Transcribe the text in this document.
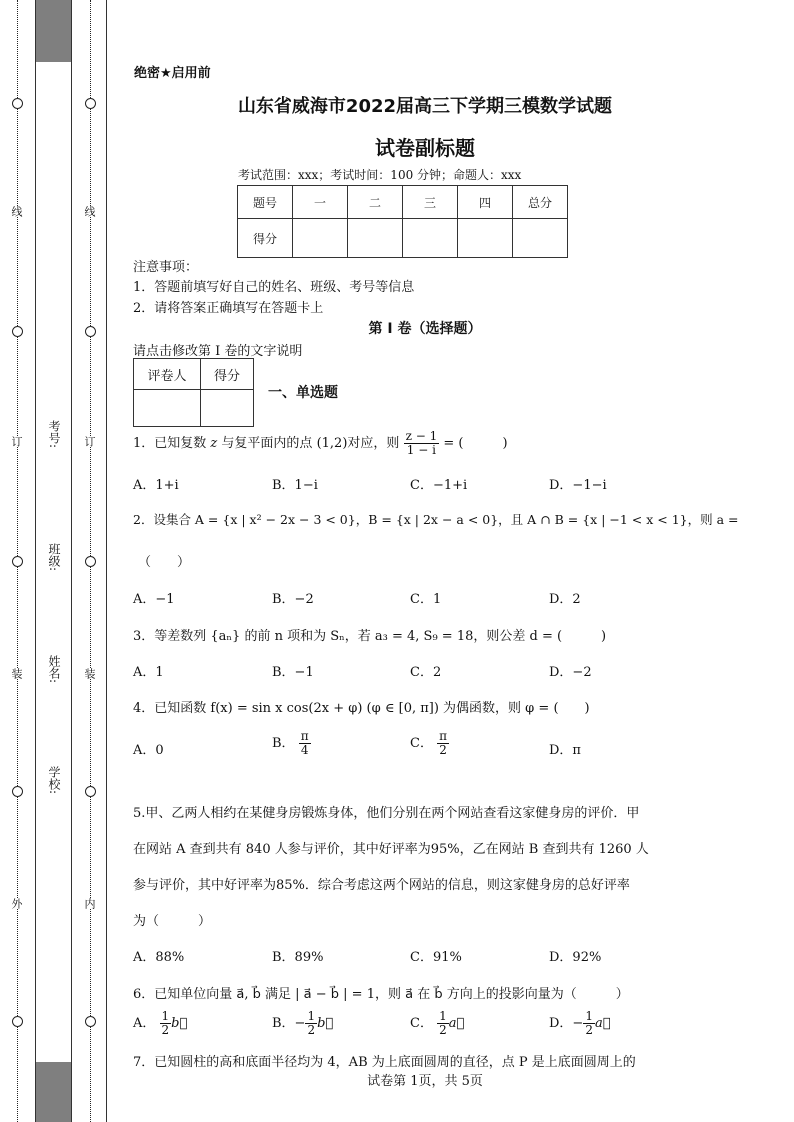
线
订
装
外
线
订
装
内
考号:
班级:
姓名:
学校:
绝密★启用前
山东省威海市2022届高三下学期三模数学试题
试卷副标题
考试范围：xxx；考试时间：100 分钟；命题人：xxx
题号	一	二	三	四	总分
得分					
注意事项：
1．答题前填写好自己的姓名、班级、考号等信息
2．请将答案正确填写在答题卡上
第 I 卷（选择题）
请点击修改第 I 卷的文字说明
评卷人	得分

一、单选题
1．已知复数 z 与复平面内的点 (1,2)对应，则 $\frac{z - 1}{1 - i}$ = (　　　)
A．1+i	B．1−i	C．−1+i	D．−1−i
2．设集合 A = {x | x² − 2x − 3 < 0}，B = {x | 2x − a < 0}，且 A ∩ B = {x | −1 < x < 1}，则 a =
（　　）
A．−1	B．−2	C．1	D．2
3．等差数列 {aₙ} 的前 n 项和为 Sₙ，若 a₃ = 4, S₉ = 18，则公差 d = (　　　)
A．1	B．−1	C．2	D．−2
4．已知函数 f(x) = sin x cos(2x + φ) (φ ∈ [0, π]) 为偶函数，则 φ = (　　)
A．0	B． $\frac{\pi}{4}$	C． $\frac{\pi}{2}$	D．π
5.甲、乙两人相约在某健身房锻炼身体，他们分别在两个网站查看这家健身房的评价．甲
在网站 A 查到共有 840 人参与评价，其中好评率为95%，乙在网站 B 查到共有 1260 人
参与评价，其中好评率为85%．综合考虑这两个网站的信息，则这家健身房的总好评率
为（　　　）
A．88%	B．89%	C．91%	D．92%
6．已知单位向量 a⃗, b⃗ 满足 | a⃗ − b⃗ | = 1，则 a⃗ 在 b⃗ 方向上的投影向量为（　　　）
A． $\frac{1}{2}$ b⃗	B．− $\frac{1}{2}$ b⃗	C． $\frac{1}{2}$ a⃗	D．− $\frac{1}{2}$ a⃗
7．已知圆柱的高和底面半径均为 4，AB 为上底面圆周的直径，点 P 是上底面圆周上的
试卷第 1页，共 5页
